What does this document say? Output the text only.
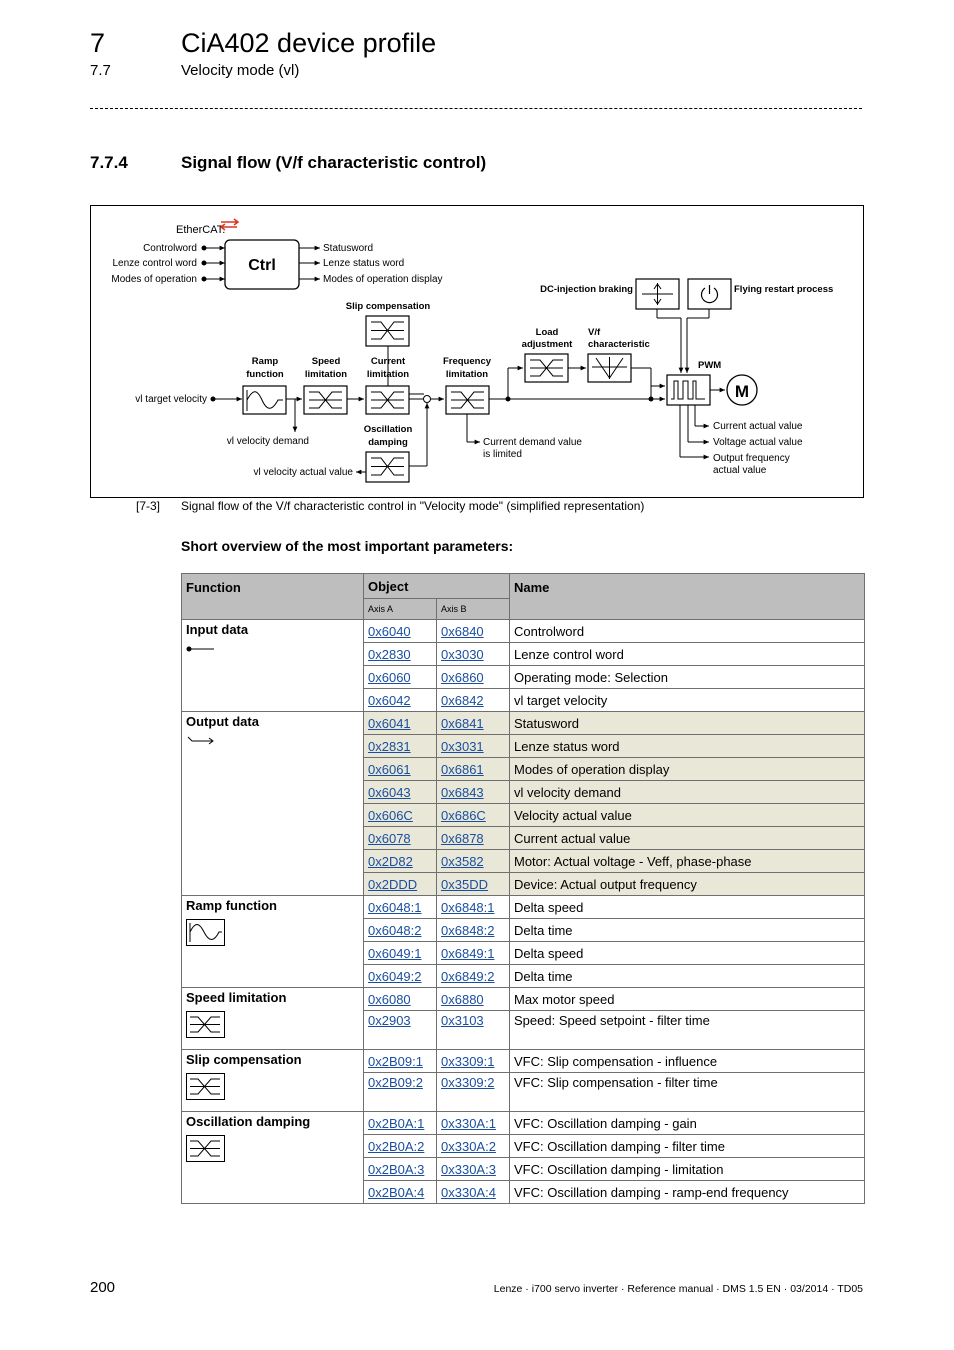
7	CiA402 device profile
7.7	Velocity mode (vl)
7.7.4	Signal flow (V/f characteristic control)
EtherCAT.
Ctrl
Controlword
Lenze control word
Modes of operation
Statusword
Lenze status word
Modes of operation display
Slip compensation
vl target velocity
Ramp
function
vl velocity demand
Speed
limitation
Current
limitation
Oscillation
damping
vl velocity actual value
Frequency
limitation
Current demand value
is limited
Load
adjustment
V/f
characteristic
DC-injection braking	Flying restart process
PWM
M
Current actual value
Voltage actual value
Output frequency
actual value
[7-3] Signal flow of the V/f characteristic control in "Velocity mode" (simplified representation)
Short overview of the most important parameters:
Function	Object		Name
	Axis A	Axis B	

Input data	0x6040	0x6840	Controlword
	0x2830	0x3030	Lenze control word
	0x6060	0x6860	Operating mode: Selection
	0x6042	0x6842	vl target velocity

Output data	0x6041	0x6841	Statusword
	0x2831	0x3031	Lenze status word
	0x6061	0x6861	Modes of operation display
	0x6043	0x6843	vl velocity demand
	0x606C	0x686C	Velocity actual value
	0x6078	0x6878	Current actual value
	0x2D82	0x3582	Motor: Actual voltage - Veff, phase-phase
	0x2DDD	0x35DD	Device: Actual output frequency

Ramp function	0x6048:1	0x6848:1	Delta speed
	0x6048:2	0x6848:2	Delta time
	0x6049:1	0x6849:1	Delta speed
	0x6049:2	0x6849:2	Delta time

Speed limitation	0x6080	0x6880	Max motor speed
	0x2903	0x3103	Speed: Speed setpoint - filter time

Slip compensation	0x2B09:1	0x3309:1	VFC: Slip compensation - influence
	0x2B09:2	0x3309:2	VFC: Slip compensation - filter time

Oscillation damping	0x2B0A:1	0x330A:1	VFC: Oscillation damping - gain
	0x2B0A:2	0x330A:2	VFC: Oscillation damping - filter time
	0x2B0A:3	0x330A:3	VFC: Oscillation damping - limitation
	0x2B0A:4	0x330A:4	VFC: Oscillation damping - ramp-end frequency
200	Lenze · i700 servo inverter · Reference manual · DMS 1.5 EN · 03/2014 · TD05
